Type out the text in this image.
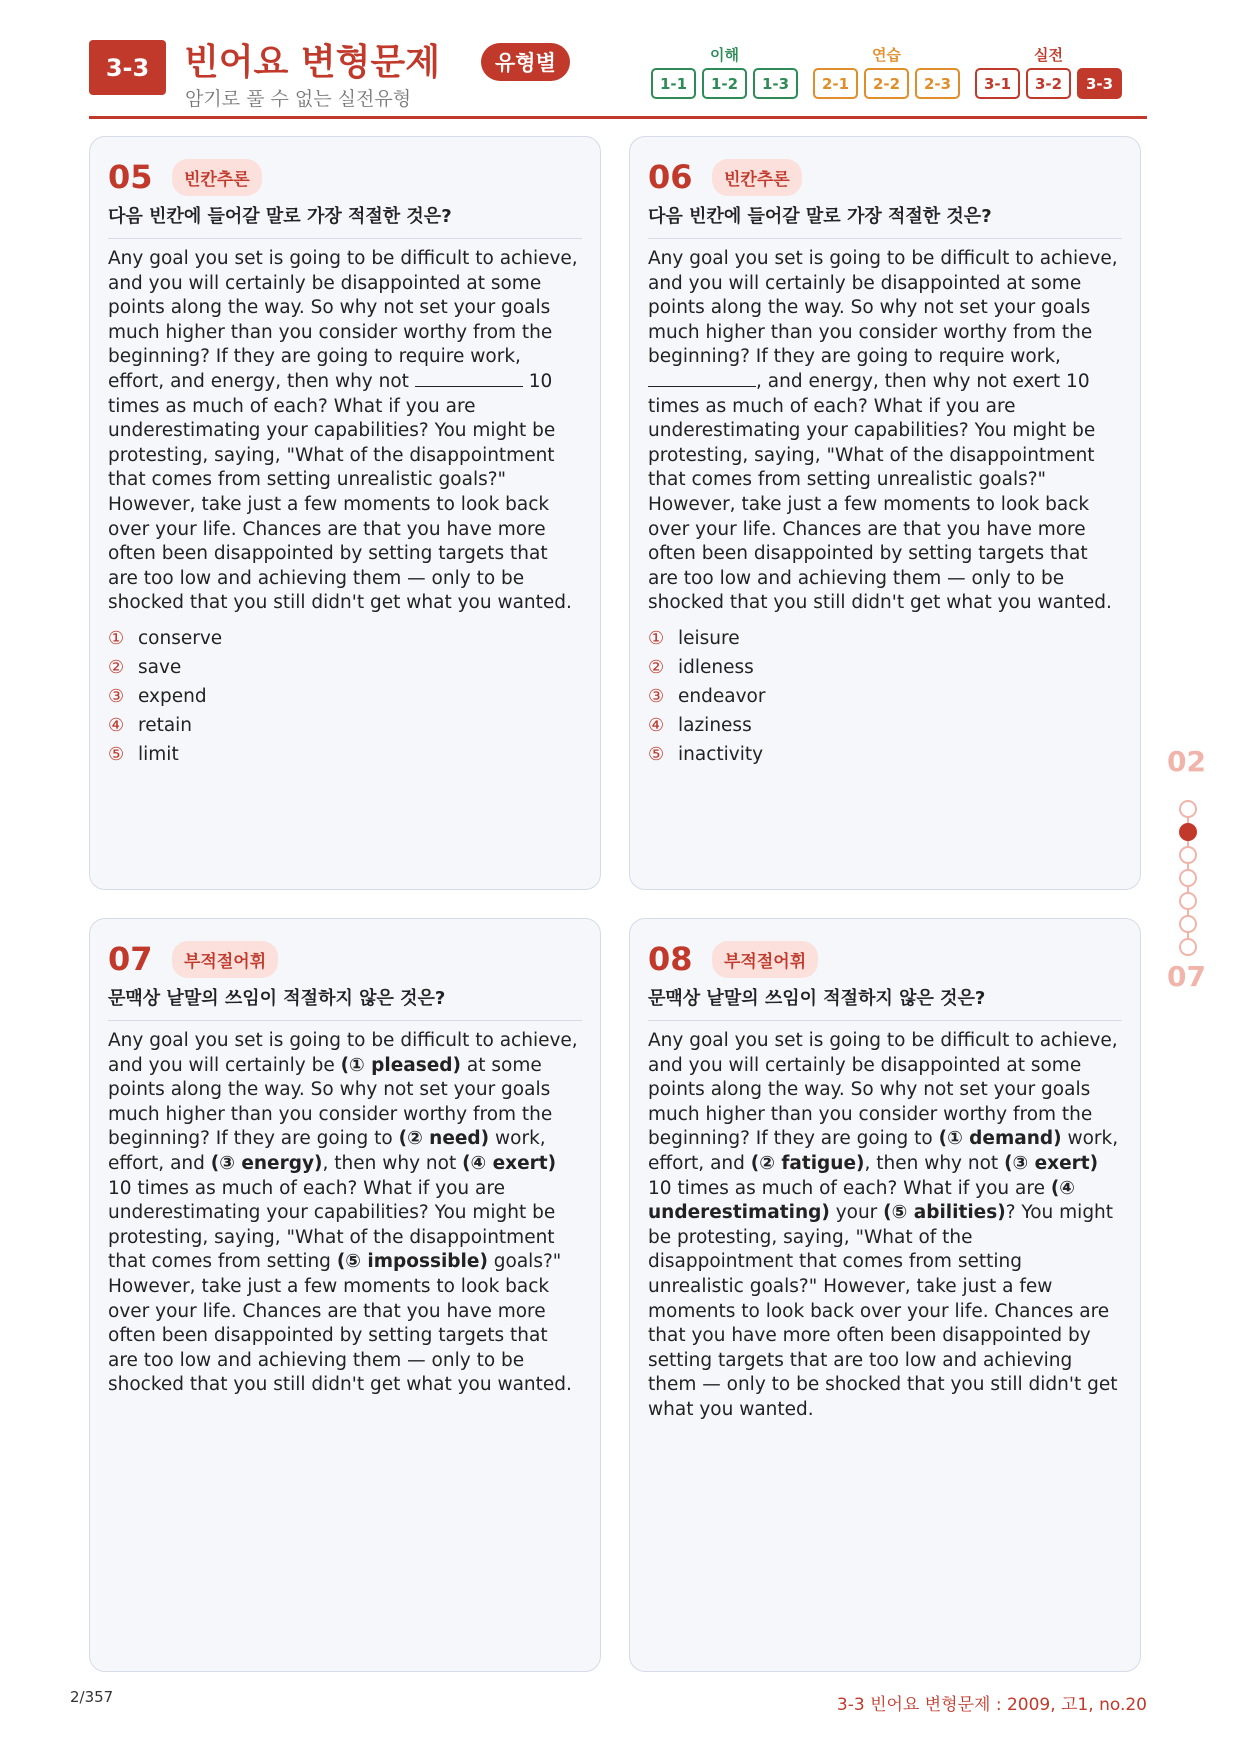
3-3 빈어요 변형문제	유형별
암기로 풀 수 없는 실전유형
이해
1-1	1-2	1-3
연습
2-1	2-2	2-3
실전
3-1	3-2	3-3
05	빈칸추론
다음 빈칸에 들어갈 말로 가장 적절한 것은?
Any goal you set is going to be difficult to achieve, and you will certainly be disappointed at some points along the way. So why not set your goals much higher than you consider worthy from the beginning? If they are going to require work, effort, and energy, then why not	10 times as much of each? What if you are underestimating your capabilities? You might be protesting, saying, "What of the disappointment that comes from setting unrealistic goals?" However, take just a few moments to look back over your life. Chances are that you have more often been disappointed by setting targets that are too low and achieving them — only to be shocked that you still didn't get what you wanted.
① conserve
② save
③ expend
④ retain
⑤ limit
06	빈칸추론
다음 빈칸에 들어갈 말로 가장 적절한 것은?
Any goal you set is going to be difficult to achieve, and you will certainly be disappointed at some points along the way. So why not set your goals much higher than you consider worthy from the beginning? If they are going to require work, , and energy, then why not exert 10 times as much of each? What if you are underestimating your capabilities? You might be protesting, saying, "What of the disappointment that comes from setting unrealistic goals?" However, take just a few moments to look back over your life. Chances are that you have more often been disappointed by setting targets that are too low and achieving them — only to be shocked that you still didn't get what you wanted.
① leisure
② idleness
③ endeavor
④ laziness
⑤ inactivity
07	부적절어휘
문맥상 낱말의 쓰임이 적절하지 않은 것은?
Any goal you set is going to be difficult to achieve, and you will certainly be (① pleased) at some points along the way. So why not set your goals much higher than you consider worthy from the beginning? If they are going to (② need) work, effort, and (③ energy), then why not (④ exert) 10 times as much of each? What if you are underestimating your capabilities? You might be protesting, saying, "What of the disappointment that comes from setting (⑤ impossible) goals?" However, take just a few moments to look back over your life. Chances are that you have more often been disappointed by setting targets that are too low and achieving them — only to be shocked that you still didn't get what you wanted.
08	부적절어휘
문맥상 낱말의 쓰임이 적절하지 않은 것은?
Any goal you set is going to be difficult to achieve, and you will certainly be disappointed at some points along the way. So why not set your goals much higher than you consider worthy from the beginning? If they are going to (① demand) work, effort, and (② fatigue), then why not (③ exert) 10 times as much of each? What if you are (④ underestimating) your (⑤ abilities)? You might be protesting, saying, "What of the disappointment that comes from setting unrealistic goals?" However, take just a few moments to look back over your life. Chances are that you have more often been disappointed by setting targets that are too low and achieving them — only to be shocked that you still didn't get what you wanted.
02
07
2/357	3-3 빈어요 변형문제 : 2009, 고1, no.20
